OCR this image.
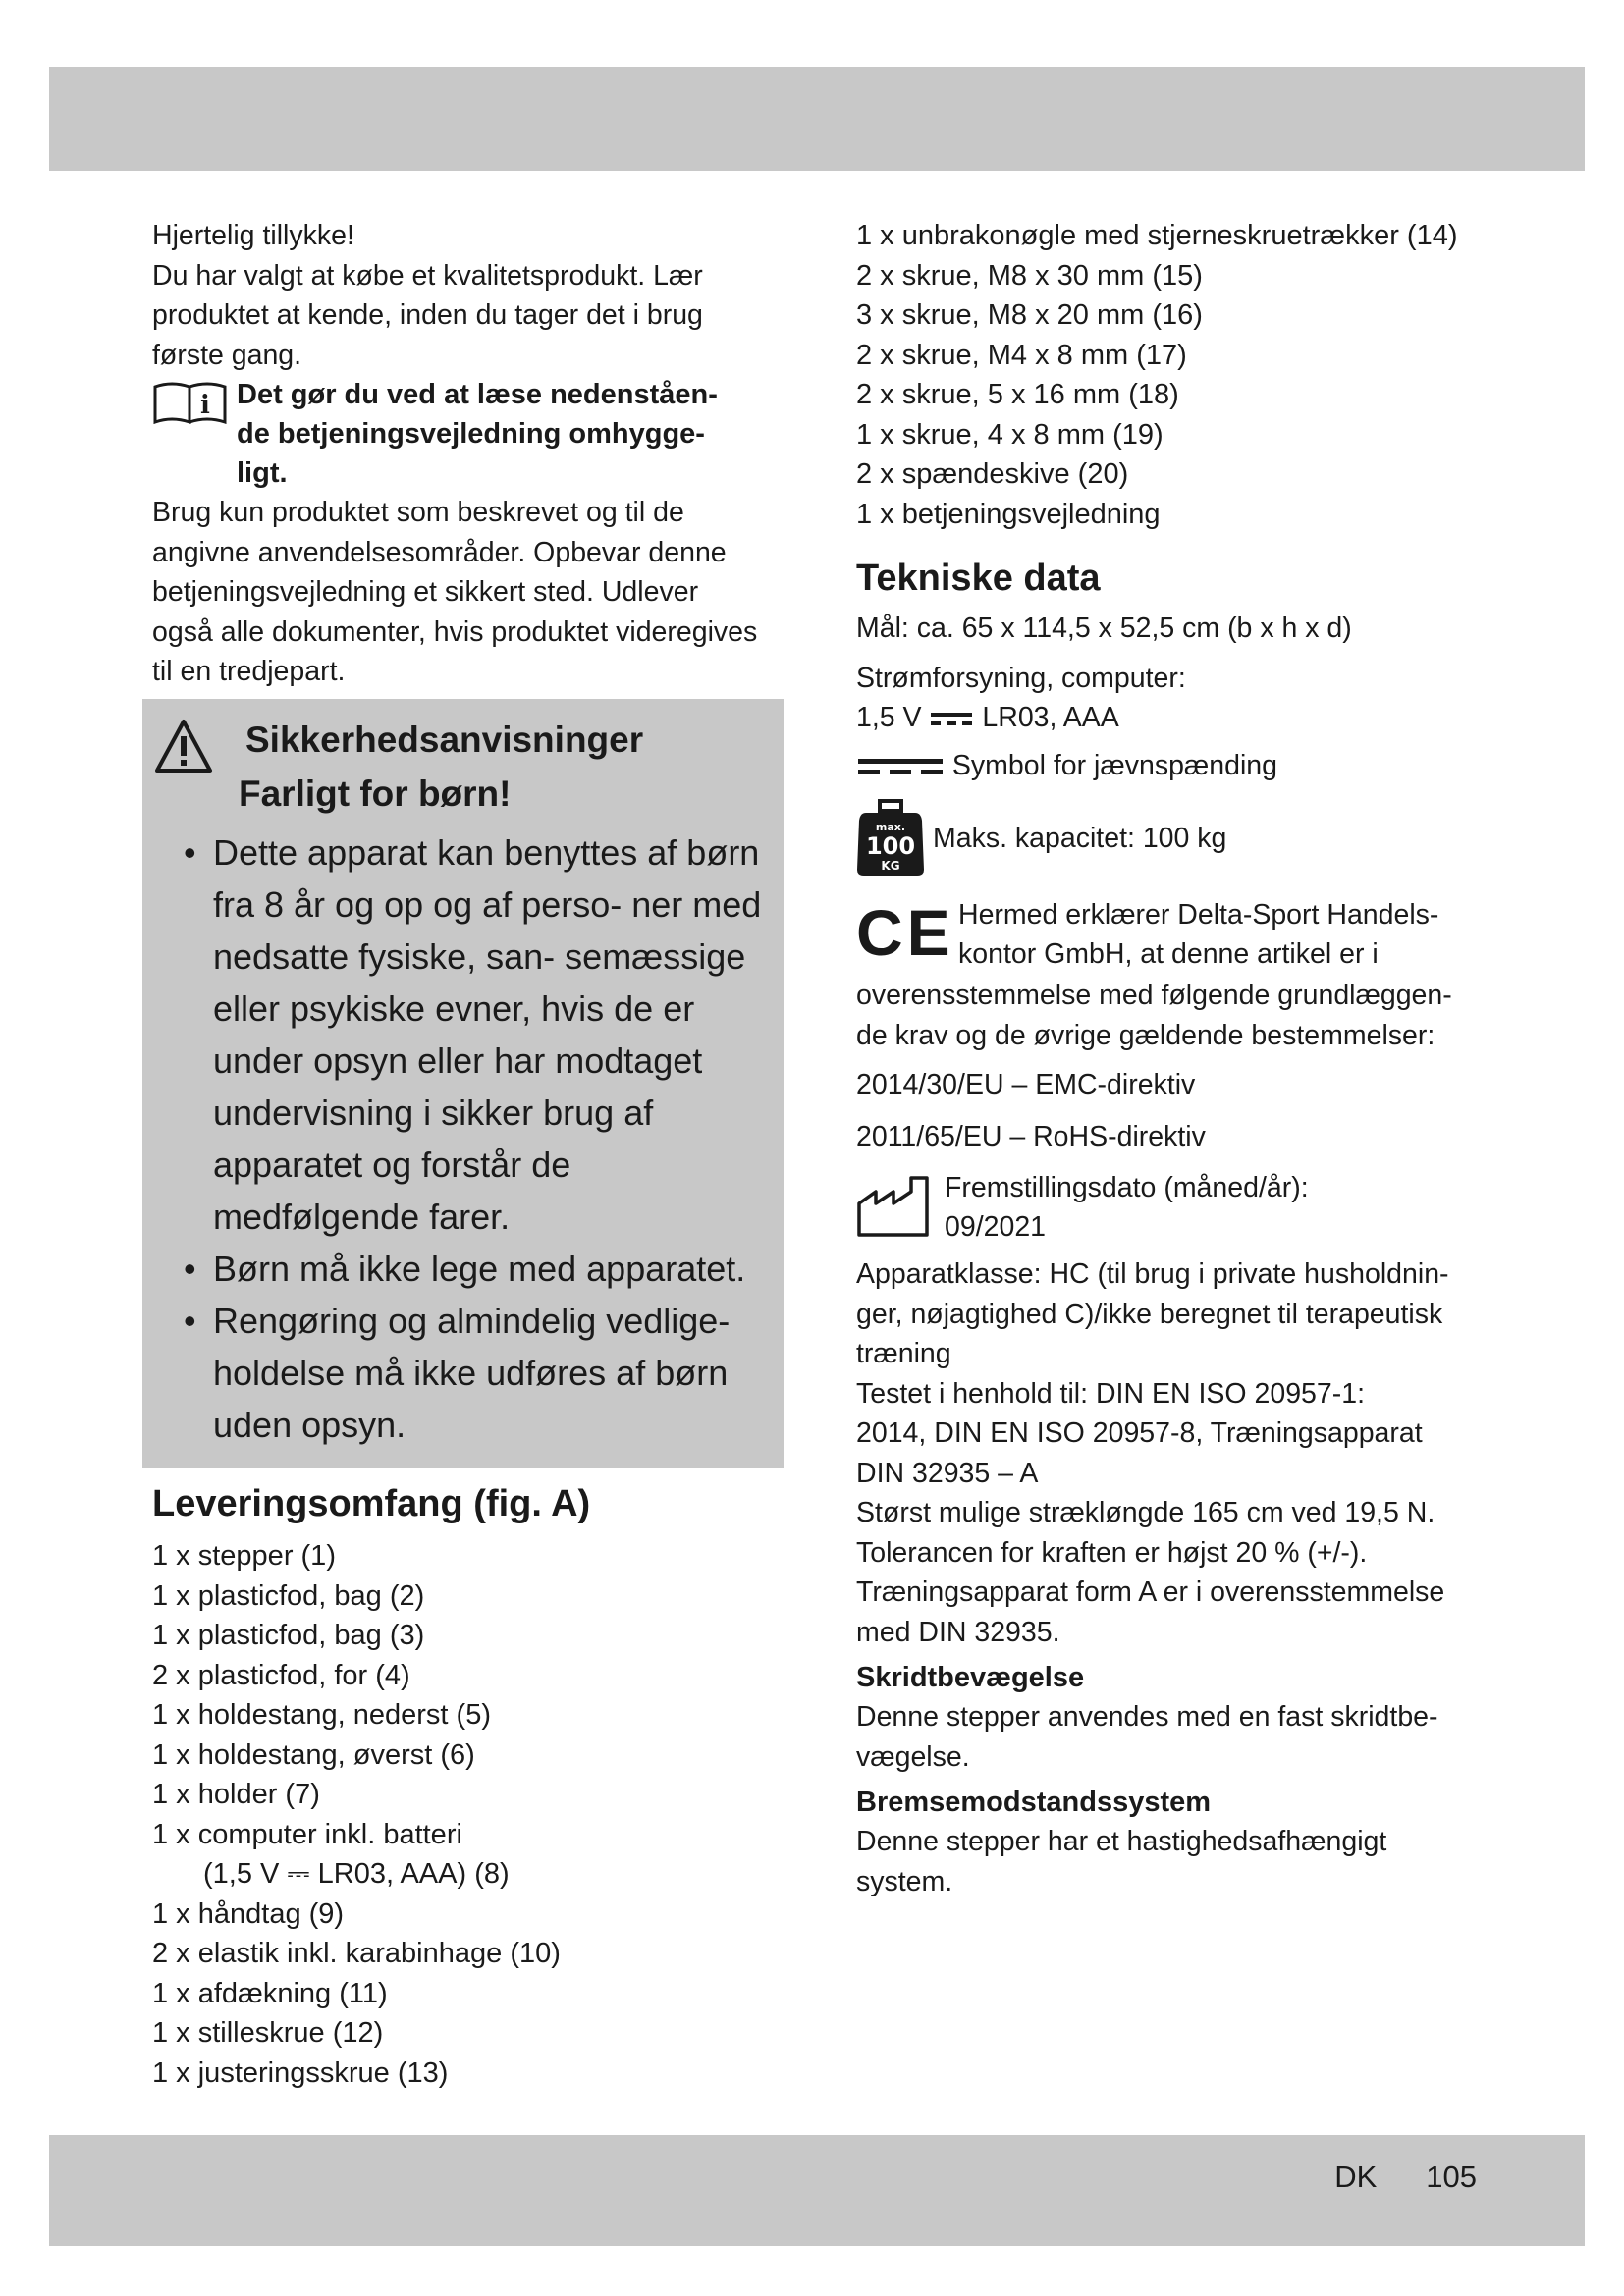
Hjertelig tillykke!

Du har valgt at købe et kvalitetsprodukt. Lær

produktet at kende, inden du tager det i brug

første gang.

i Det gør du ved at læse nedenståen-

de betjeningsvejledning omhygge-

ligt.

Brug kun produktet som beskrevet og til de

angivne anvendelsesområder. Opbevar denne

betjeningsvejledning et sikkert sted. Udlever

også alle dokumenter, hvis produktet videregives

til en tredjepart.

Sikkerhedsanvisninger
Farligt for børn!
• Dette apparat kan benyttes af børn fra 8 år og op og af perso- ner med nedsatte fysiske, san- semæssige eller psykiske evner, hvis de er under opsyn eller har modtaget undervisning i sikker brug af apparatet og forstår de medfølgende farer.
• Børn må ikke lege med apparatet.
• Rengøring og almindelig vedlige- holdelse må ikke udføres af børn uden opsyn.
Leveringsomfang (fig. A)

1 x stepper (1)

1 x plasticfod, bag (2)

1 x plasticfod, bag (3)

2 x plasticfod, for (4)

1 x holdestang, nederst (5)

1 x holdestang, øverst (6)

1 x holder (7)

1 x computer inkl. batteri

(1,5 V ⎓ LR03, AAA) (8)

1 x håndtag (9)

2 x elastik inkl. karabinhage (10)

1 x afdækning (11)

1 x stilleskrue (12)

1 x justeringsskrue (13)

1 x unbrakonøgle med stjerneskruetrækker (14)

2 x skrue, M8 x 30 mm (15)

3 x skrue, M8 x 20 mm (16)

2 x skrue, M4 x 8 mm (17)

2 x skrue, 5 x 16 mm (18)

1 x skrue, 4 x 8 mm (19)

2 x spændeskive (20)

1 x betjeningsvejledning

Tekniske data

Mål: ca. 65 x 114,5 x 52,5 cm (b x h x d)

Strømforsyning, computer:

1,5 V LR03, AAA

Symbol for jævnspænding

max.
100
KG

Maks. kapacitet: 100 kg

CE Hermed erklærer Delta-Sport Handels-

kontor GmbH, at denne artikel er i

overensstemmelse med følgende grundlæggen-

de krav og de øvrige gældende bestemmelser:

2014/30/EU – EMC-direktiv

2011/65/EU – RoHS-direktiv

Fremstillingsdato (måned/år):

09/2021

Apparatklasse: HC (til brug i private husholdnin-

ger, nøjagtighed C)/ikke beregnet til terapeutisk

træning

Testet i henhold til: DIN EN ISO 20957-1:

2014, DIN EN ISO 20957-8, Træningsapparat

DIN 32935 – A

Størst mulige strækløngde 165 cm ved 19,5 N.

Tolerancen for kraften er højst 20 % (+/-).

Træningsapparat form A er i overensstemmelse

med DIN 32935.

Skridtbevægelse

Denne stepper anvendes med en fast skridtbe-

vægelse.

Bremsemodstandssystem

Denne stepper har et hastighedsafhængigt

system.

DK 105
